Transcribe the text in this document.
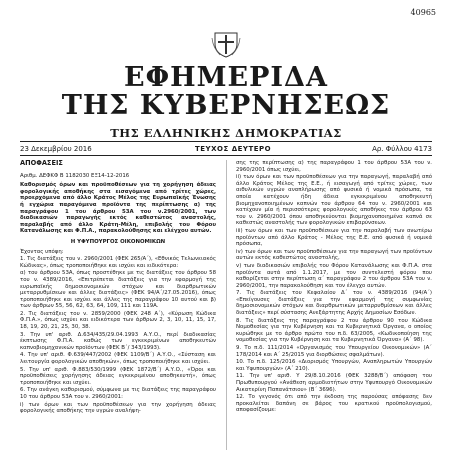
40965
ΕΦΗΜΕΡΙΔΑ
ΤΗΣ ΚΥΒΕΡΝΗΣΕΩΣ
ΤΗΣ ΕΛΛΗΝΙΚΗΣ ΔΗΜΟΚΡΑΤΙΑΣ
23 Δεκεμβρίου 2016	ΤΕΥΧΟΣ ΔΕΥΤΕΡΟ	Αρ. Φύλλου 4173
ΑΠΟΦΑΣΕΙΣ
Αριθμ. ΔΕΦΚΦ Β 1182030 ΕΞ14-12-2016
Καθορισμός όρων και προϋποθέσεων για τη χορήγηση άδειας φορολογικής αποθήκης στα εισαγόμενα από τρίτες χώρες, προερχόμενα από άλλο Κράτος Μέλος της Ευρωπαϊκής Ένωσης ή εγχώρια παραγόμενα προϊόντα της περίπτωσης α) της παραγράφου 1 του άρθρου 53Α του ν.2960/2001, των διαδικασιών παραγωγής εκτός καθεστώτος αναστολής, παραλαβής από άλλο Κράτη-Μέλη, επιβολής του Φόρου Κατανάλωσης και Φ.Π.Α., παρακολούθησης και ελέγχου αυτών.
Η ΥΦΥΠΟΥΡΓΟΣ ΟΙΚΟΝΟΜΙΚΩΝ

Έχοντας υπόψη:

1. Τις διατάξεις του ν. 2960/2001 (ΦΕΚ 265/Α΄), «Εθνικός Τελωνειακός Κώδικας», όπως τροποποιήθηκε και ισχύει και ειδικότερα:

α) του άρθρου 53Α, όπως προστέθηκε με τις διατάξεις του άρθρου 58 του ν. 4389/2016, «Επιτρέπεται διατάξεις για την εφαρμογή της ευρωπαϊκής δημοσιονομικών στόχων και διαρθρωτικών μεταρρυθμίσεων και άλλες διατάξεις» (ΦΕΚ 94/Α΄/27.05.2016), όπως τροποποιήθηκε και ισχύει και άλλες της παραγράφου 10 αυτού και β) των άρθρων 55, 56, 62, 63, 64, 109, 111 και 119Α.

2. Τις διατάξεις του ν. 2859/2000 (ΦΕΚ 248 Α΄), «Κύρωση Κώδικα Φ.Π.Α.», όπως ισχύει και ειδικότερα των άρθρων 2, 3, 10, 11, 15, 17, 18, 19, 20, 21, 25, 30, 38.

3. Την υπ' αριθ. Δ.634/435/29.04.1993 Α.Υ.Ο., περί διαδικασίας έκπτωσης Φ.Π.Α. καθώς των εγκεκριμένων αποθηκευτών καπνοβιομηχανικών προϊόντων (ΦΕΚ Β΄/ 343/1993).

4. Την υπ' αριθ. Φ.639/447/2002 (ΦΕΚ 1109/Β΄) Α.Υ.Ο., «Σύσταση και λειτουργία φορολογικών αποθηκών», όπως τροποποιήθηκε και ισχύει.

5. Την υπ' αριθ. Φ.883/530/1999 (ΦΕΚ 1872/Β΄) Α.Υ.Ο., «Όροι και προϋποθέσεις χορήγησης άδειας εγκεκριμένου αποθηκευτή», όπως τροποποιήθηκε και ισχύει.

6. Την ανάγκη καθορισμού, σύμφωνα με τις διατάξεις της παραγράφου 10 του άρθρου 53Α του ν. 2960/2001:

i) των όρων και των προϋποθέσεων για την χορήγηση άδειας φορολογικής αποθήκης την υγρών αναλήψη-

σης της περίπτωσης α) της παραγράφου 1 του άρθρου 53Α του ν. 2960/2001 όπως ισχύει,

ii) των όρων και των προϋποθέσεων για την παραγωγή, παραλαβή από άλλο Κράτος Μέλος της Ε.Ε., ή εισαγωγή από τρίτες χώρες, των αιθυλικών υγρών αναπλήρωσης από φυσικά ή νομικά πρόσωπα, τα οποία κατέχουν ήδη άδεια εγκεκριμένου αποθηκευτή βιομηχανοποιημένων καπνών του άρθρου 64 του ν. 2960/2001 και κατέχουν μία ή περισσότερες φορολογικές αποθήκες του άρθρου 63 του ν. 2960/2001 όπου αποθηκεύονται βιομηχανοποιημένα καπνά σε καθεστώς αναστολής των φορολογικών επιβαρύνσεων.

iii) των όρων και των προϋποθέσεων για την παραλαβή των ανωτέρω προϊόντων από άλλο Κράτος - Μέλος της Ε.Ε. από φυσικά ή νομικά πρόσωπα,

iv) των όρων και των προϋποθέσεων για την παραγωγή των προϊόντων αυτών εκτός καθεστώτος αναστολής,

v) των διαδικασιών επιβολής του Φόρου Κατανάλωσης και Φ.Π.Α. στα προϊόντα αυτά από 1.1.2017, με τον συντελεστή φόρου που καθορίζεται στην περίπτωση α΄ παραγράφου 2 του άρθρου 53Α του ν. 2960/2001, την παρακολούθηση και τον έλεγχο αυτών.

7. Τις διατάξεις του Κεφαλαίου Δ΄ του ν. 4389/2016 (94/Α΄) «Επείγουσες διατάξεις για την εφαρμογή της συμφωνίας δημοσιονομικών στόχων και διαρθρωτικών μεταρρυθμίσεων και άλλες διατάξεις» περί σύστασης Ανεξάρτητης Αρχής Δημοσίων Εσόδων.

8. Τις διατάξεις της παραγράφου 2 του άρθρου 90 του Κώδικα Νομοθεσίας για την Κυβέρνηση και τα Κυβερνητικά Όργανα, ο οποίος κυρώθηκε με το άρθρο πρώτο του π.δ. 63/2005, «Κωδικοποίηση της νομοθεσίας για την Κυβέρνηση και τα Κυβερνητικά Όργανα» (Α΄ 98).

9. Το π.δ. 111/2014 «Οργανισμός του Υπουργείου Οικονομικών» (Α΄ 178/2014 και Α΄ 25/2015 για διορθώσεις σφαλμάτων).

10. Το π.δ. 125/2016 «Διορισμός Υπουργών, Αναπληρωτών Υπουργών και Υφυπουργών» (Α΄ 210).

11. Την υπ' αριθ. Υ 29/8.10.2016 (ΦΕΚ 3288/Β΄) απόφαση του Πρωθυπουργού «Ανάθεση αρμοδιοτήτων στην Υφυπουργό Οικονομικών Αικατερίνη Παπανάτσιου» (Β΄ 3696).

12. Το γεγονός ότι από την έκδοση της παρούσας απόφασης δεν προκαλείται δαπάνη σε βάρος του κρατικού προϋπολογισμού, αποφασίζουμε:
